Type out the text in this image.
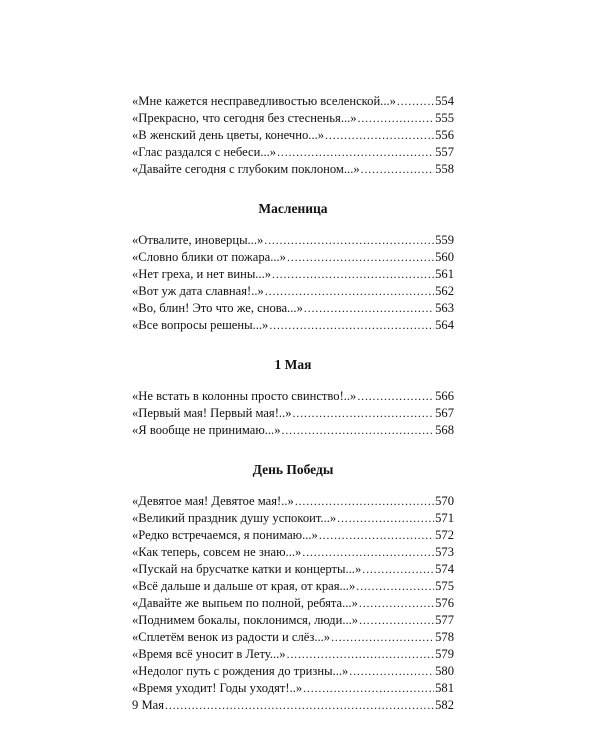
«Мне кажется несправедливостью вселенской...» . . .	554
«Прекрасно, что сегодня без стесненья...» . . .	555
«В женский день цветы, конечно...» . . .	556
«Глас раздался с небеси...» . . .	557
«Давайте сегодня с глубоким поклоном...» . . .	558
Масленица
«Отвалите, иноверцы...» . . .	559
«Словно блики от пожара...» . . .	560
«Нет греха, и нет вины...» . . .	561
«Вот уж дата славная!..» . . .	562
«Во, блин! Это что же, снова...» . . .	563
«Все вопросы решены...» . . .	564
1 Мая
«Не встать в колонны просто свинство!..» . . .	566
«Первый мая! Первый мая!..» . . .	567
«Я вообще не принимаю...» . . .	568
День Победы
«Девятое мая! Девятое мая!..» . . .	570
«Великий праздник душу успокоит...» . . .	571
«Редко встречаемся, я понимаю...» . . .	572
«Как теперь, совсем не знаю...» . . .	573
«Пускай на брусчатке катки и концерты...» . . .	574
«Всё дальше и дальше от края, от края...» . . .	575
«Давайте же выпьем по полной, ребята...» . . .	576
«Поднимем бокалы, поклонимся, люди...» . . .	577
«Сплетём венок из радости и слёз...» . . .	578
«Время всё уносит в Лету...» . . .	579
«Недолог путь с рождения до тризны...» . . .	580
«Время уходит! Годы уходят!..» . . .	581
9 Мая . . .	582
